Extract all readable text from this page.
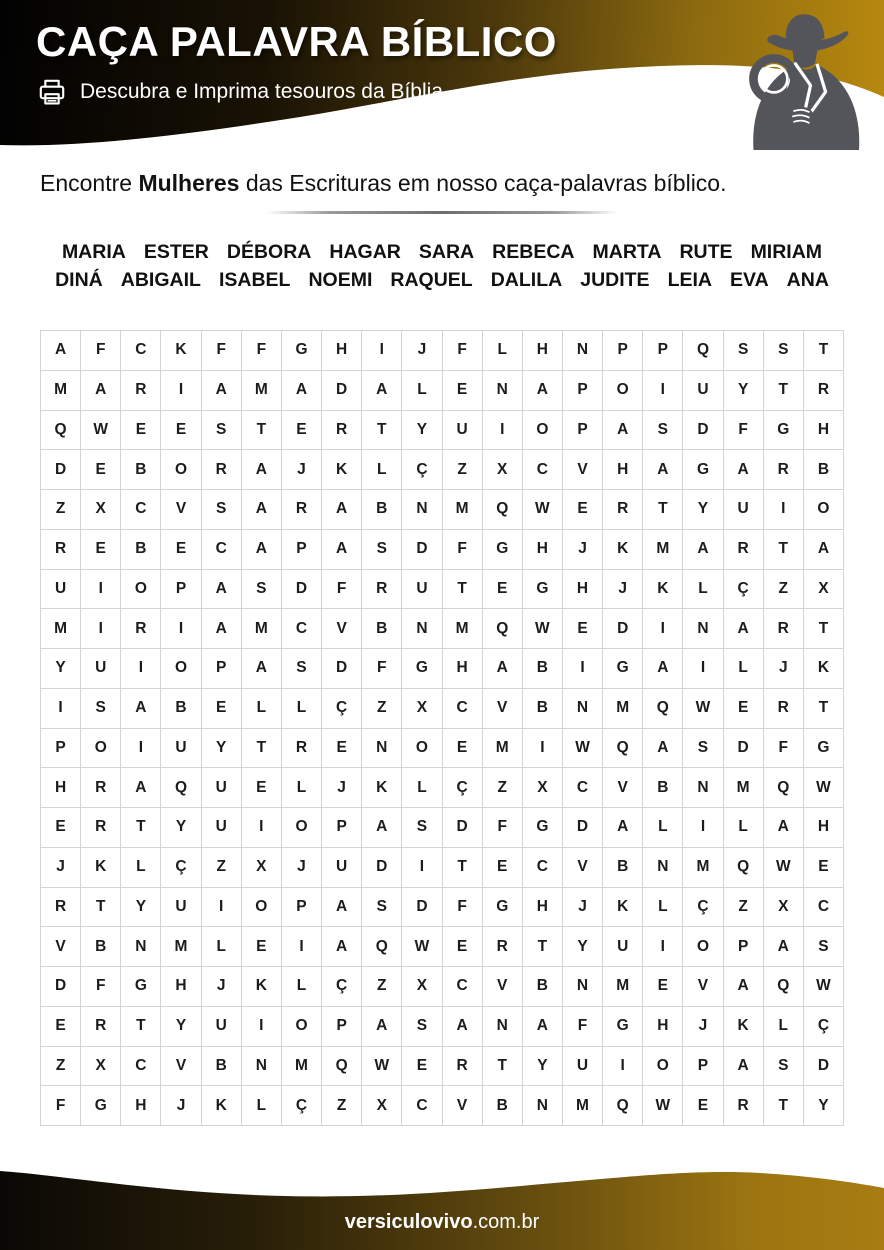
CAÇA PALAVRA BÍBLICO
Descubra e Imprima tesouros da Bíblia.

Encontre Mulheres das Escrituras em nosso caça-palavras bíblico.

MARIA ESTER DÉBORA HAGAR SARA REBECA MARTA RUTE MIRIAM
DINÁ ABIGAIL ISABEL NOEMI RAQUEL DALILA JUDITE LEIA EVA ANA
A	F	C	K	F	F	G	H	I	J	F	L	H	N	P	P	Q	S	S	T
M	A	R	I	A	M	A	D	A	L	E	N	A	P	O	I	U	Y	T	R
Q	W	E	E	S	T	E	R	T	Y	U	I	O	P	A	S	D	F	G	H
D	E	B	O	R	A	J	K	L	Ç	Z	X	C	V	H	A	G	A	R	B
Z	X	C	V	S	A	R	A	B	N	M	Q	W	E	R	T	Y	U	I	O
R	E	B	E	C	A	P	A	S	D	F	G	H	J	K	M	A	R	T	A
U	I	O	P	A	S	D	F	R	U	T	E	G	H	J	K	L	Ç	Z	X
M	I	R	I	A	M	C	V	B	N	M	Q	W	E	D	I	N	A	R	T
Y	U	I	O	P	A	S	D	F	G	H	A	B	I	G	A	I	L	J	K
I	S	A	B	E	L	L	Ç	Z	X	C	V	B	N	M	Q	W	E	R	T
P	O	I	U	Y	T	R	E	N	O	E	M	I	W	Q	A	S	D	F	G
H	R	A	Q	U	E	L	J	K	L	Ç	Z	X	C	V	B	N	M	Q	W
E	R	T	Y	U	I	O	P	A	S	D	F	G	D	A	L	I	L	A	H
J	K	L	Ç	Z	X	J	U	D	I	T	E	C	V	B	N	M	Q	W	E
R	T	Y	U	I	O	P	A	S	D	F	G	H	J	K	L	Ç	Z	X	C
V	B	N	M	L	E	I	A	Q	W	E	R	T	Y	U	I	O	P	A	S
D	F	G	H	J	K	L	Ç	Z	X	C	V	B	N	M	E	V	A	Q	W
E	R	T	Y	U	I	O	P	A	S	A	N	A	F	G	H	J	K	L	Ç
Z	X	C	V	B	N	M	Q	W	E	R	T	Y	U	I	O	P	A	S	D
F	G	H	J	K	L	Ç	Z	X	C	V	B	N	M	Q	W	E	R	T	Y
versiculovivo.com.br
